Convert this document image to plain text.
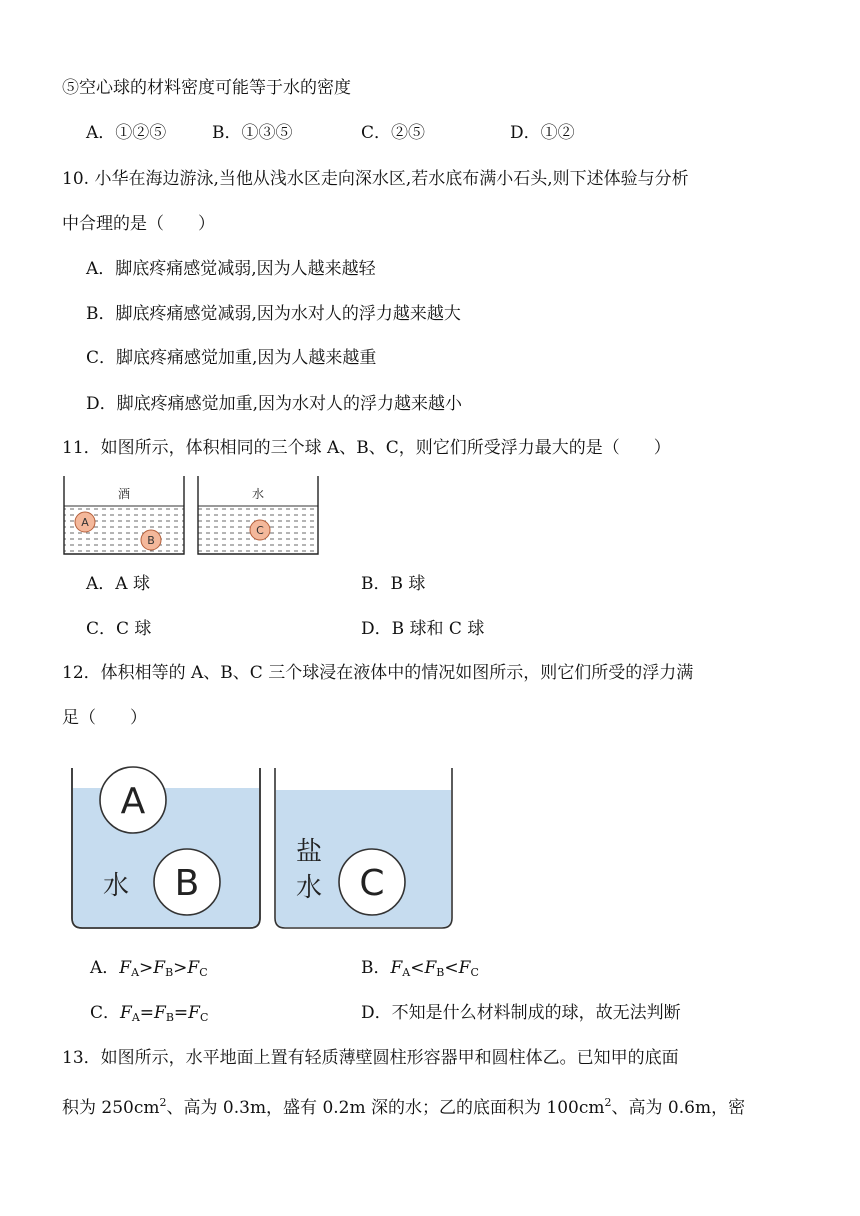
⑤空心球的材料密度可能等于水的密度
A．①②⑤	B．①③⑤	C．②⑤	D．①②
10. 小华在海边游泳,当他从浅水区走向深水区,若水底布满小石头,则下述体验与分析
中合理的是（　　）
A．脚底疼痛感觉减弱,因为人越来越轻
B．脚底疼痛感觉减弱,因为水对人的浮力越来越大
C．脚底疼痛感觉加重,因为人越来越重
D．脚底疼痛感觉加重,因为水对人的浮力越来越小
11．如图所示，体积相同的三个球 A、B、C，则它们所受浮力最大的是（　　）
酒
A
B
水
C
A．A 球	B．B 球
C．C 球	D．B 球和 C 球
12．体积相等的 A、B、C 三个球浸在液体中的情况如图所示，则它们所受的浮力满
足（　　）
A
B
水	C
盐
水
A．$F_A>F_B>F_C$	B．$F_A<F_B<F_C$
C．$F_A=F_B=F_C$	D．不知是什么材料制成的球，故无法判断
13．如图所示，水平地面上置有轻质薄壁圆柱形容器甲和圆柱体乙。已知甲的底面
积为 $250cm^2$、高为 0.3m，盛有 0.2m 深的水；乙的底面积为 $100cm^2$、高为 0.6m，密
